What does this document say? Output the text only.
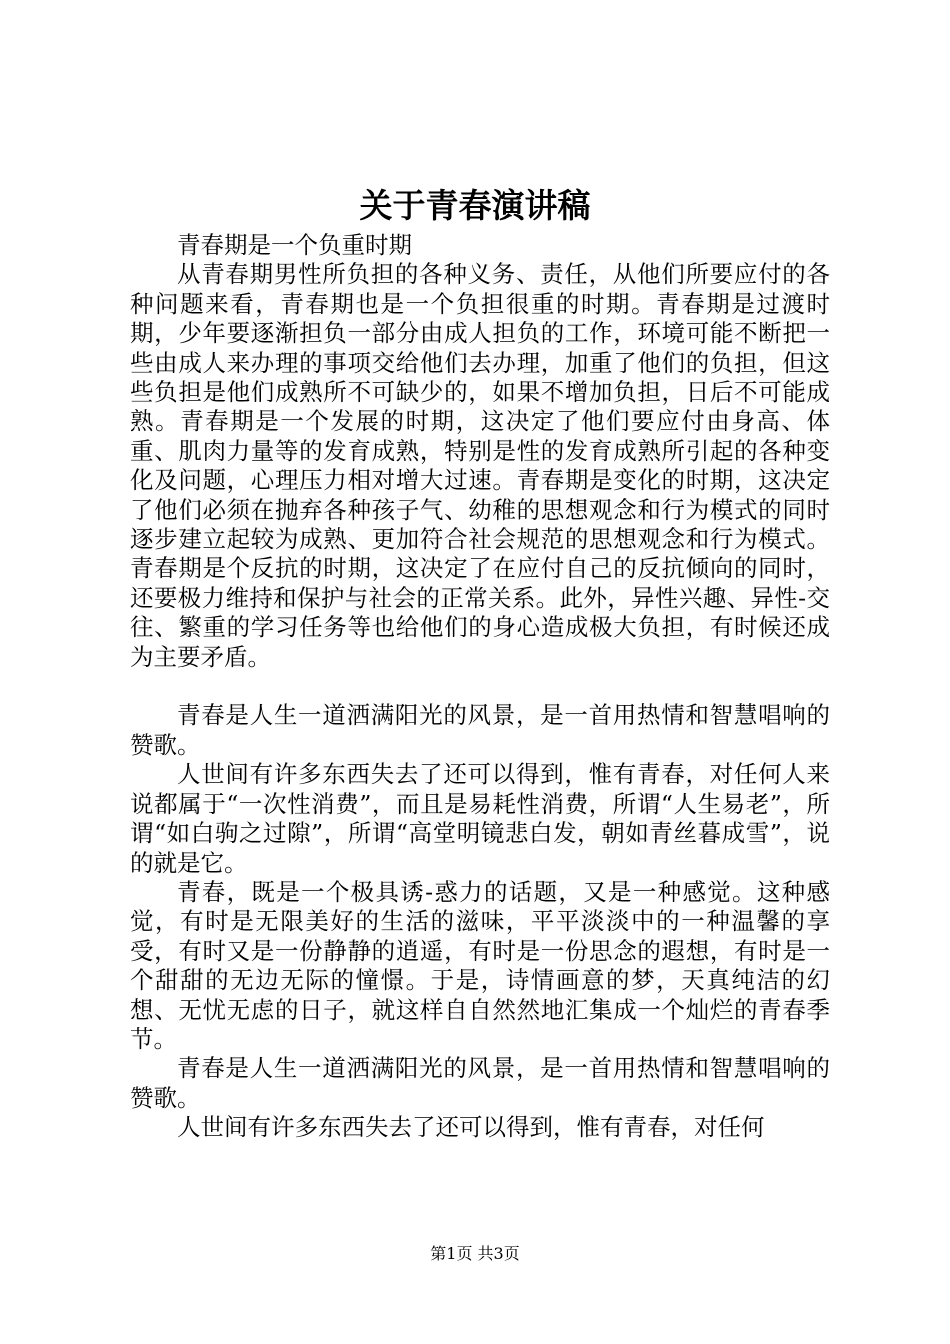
关于青春演讲稿

青春期是一个负重时期

从青春期男性所负担的各种义务、责任，从他们所要应付的各种问题来看，青春期也是一个负担很重的时期。青春期是过渡时期，少年要逐渐担负一部分由成人担负的工作，环境可能不断把一些由成人来办理的事项交给他们去办理，加重了他们的负担，但这些负担是他们成熟所不可缺少的，如果不增加负担，日后不可能成熟。青春期是一个发展的时期，这决定了他们要应付由身高、体重、肌肉力量等的发育成熟，特别是性的发育成熟所引起的各种变化及问题，心理压力相对增大过速。青春期是变化的时期，这决定了他们必须在抛弃各种孩子气、幼稚的思想观念和行为模式的同时逐步建立起较为成熟、更加符合社会规范的思想观念和行为模式。青春期是个反抗的时期，这决定了在应付自己的反抗倾向的同时，还要极力维持和保护与社会的正常关系。此外，异性兴趣、异性-交往、繁重的学习任务等也给他们的身心造成极大负担，有时候还成为主要矛盾。

青春是人生一道洒满阳光的风景，是一首用热情和智慧唱响的赞歌。

人世间有许多东西失去了还可以得到，惟有青春，对任何人来说都属于“一次性消费”，而且是易耗性消费，所谓“人生易老”，所谓“如白驹之过隙”，所谓“高堂明镜悲白发，朝如青丝暮成雪”，说的就是它。

青春，既是一个极具诱-惑力的话题，又是一种感觉。这种感觉，有时是无限美好的生活的滋味，平平淡淡中的一种温馨的享受，有时又是一份静静的逍遥，有时是一份思念的遐想，有时是一个甜甜的无边无际的憧憬。于是，诗情画意的梦，天真纯洁的幻想、无忧无虑的日子，就这样自自然然地汇集成一个灿烂的青春季节。

青春是人生一道洒满阳光的风景，是一首用热情和智慧唱响的赞歌。

人世间有许多东西失去了还可以得到，惟有青春，对任何

第1页 共3页
